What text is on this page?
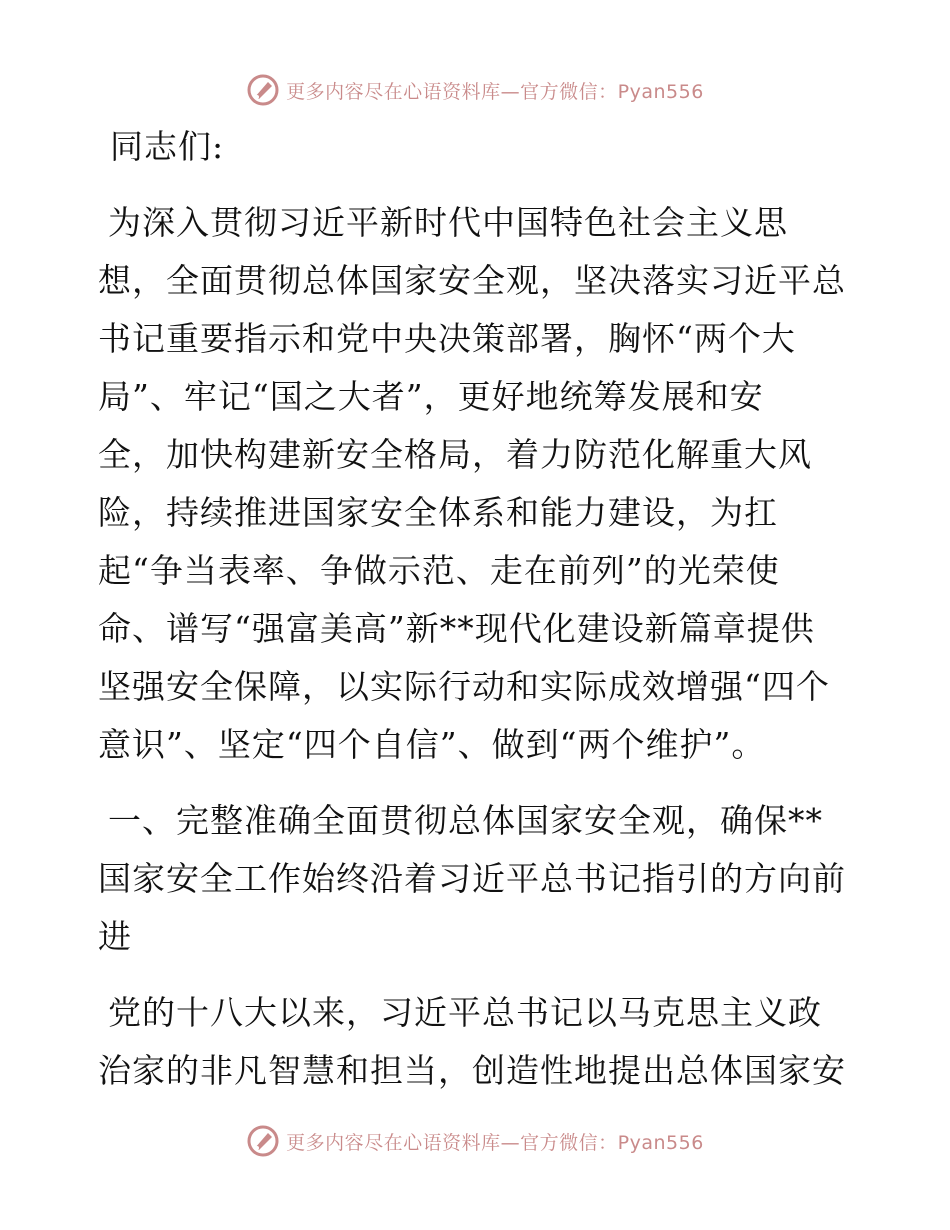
更多内容尽在心语资料库—官方微信：Pyan556

同志们:

为深入贯彻习近平新时代中国特色社会主义思
想，全面贯彻总体国家安全观，坚决落实习近平总
书记重要指示和党中央决策部署，胸怀“两个大
局”、牢记“国之大者”，更好地统筹发展和安
全，加快构建新安全格局，着力防范化解重大风
险，持续推进国家安全体系和能力建设，为扛
起“争当表率、争做示范、走在前列”的光荣使
命、谱写“强富美高”新**现代化建设新篇章提供
坚强安全保障，以实际行动和实际成效增强“四个
意识”、坚定“四个自信”、做到“两个维护”。

一、完整准确全面贯彻总体国家安全观，确保**
国家安全工作始终沿着习近平总书记指引的方向前
进

党的十八大以来，习近平总书记以马克思主义政
治家的非凡智慧和担当，创造性地提出总体国家安

更多内容尽在心语资料库—官方微信：Pyan556
